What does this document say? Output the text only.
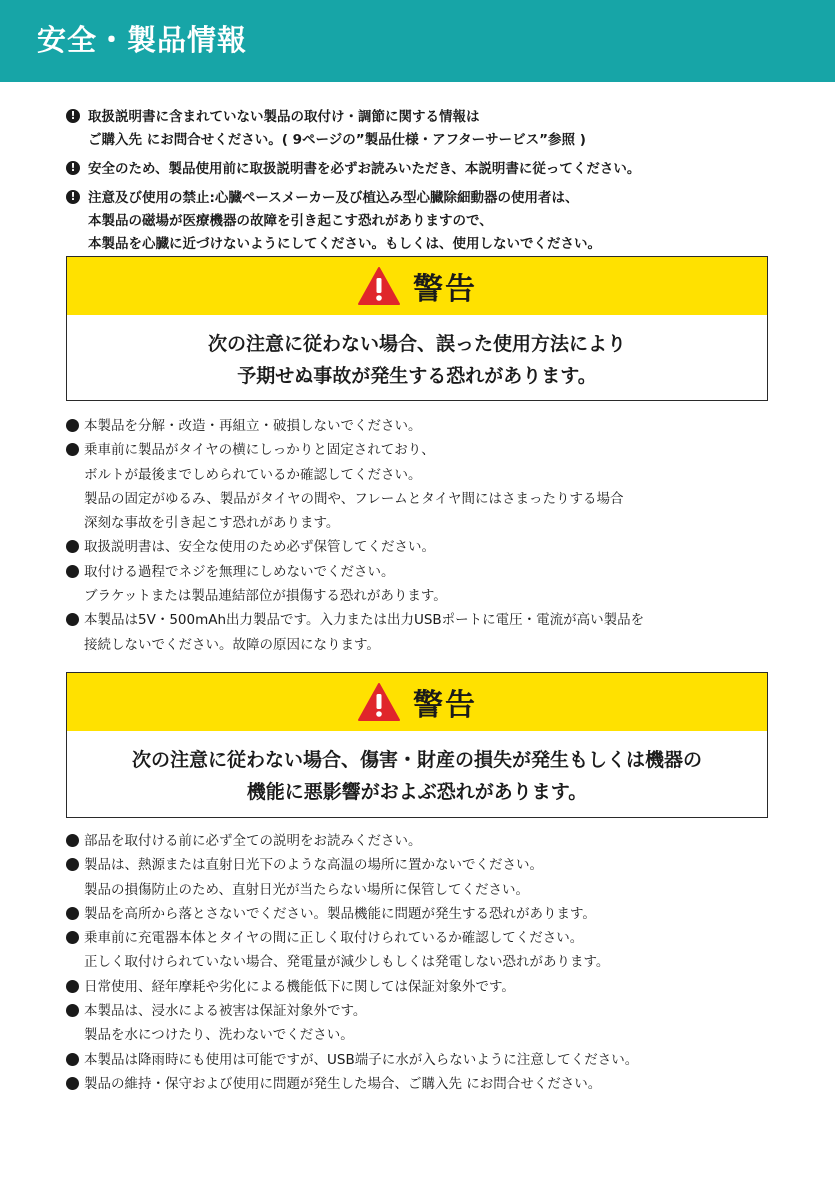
安全・製品情報
! 取扱説明書に含まれていない製品の取付け・調節に関する情報は
ご購入先 にお問合せください。( 9ページの”製品仕様・アフターサービス”参照 )
! 安全のため、製品使用前に取扱説明書を必ずお読みいただき、本説明書に従ってください。
! 注意及び使用の禁止:心臓ペースメーカー及び植込み型心臓除細動器の使用者は、
本製品の磁場が医療機器の故障を引き起こす恐れがありますので、
本製品を心臓に近づけないようにしてください。もしくは、使用しないでください。
警告
次の注意に従わない場合、誤った使用方法により
予期せぬ事故が発生する恐れがあります。
本製品を分解・改造・再組立・破損しないでください。
乗車前に製品がタイヤの横にしっかりと固定されており、
ボルトが最後までしめられているか確認してください。
製品の固定がゆるみ、製品がタイヤの間や、フレームとタイヤ間にはさまったりする場合
深刻な事故を引き起こす恐れがあります。
取扱説明書は、安全な使用のため必ず保管してください。
取付ける過程でネジを無理にしめないでください。
ブラケットまたは製品連結部位が損傷する恐れがあります。
本製品は5V・500mAh出力製品です。入力または出力USBポートに電圧・電流が高い製品を
接続しないでください。故障の原因になります。
警告
次の注意に従わない場合、傷害・財産の損失が発生もしくは機器の
機能に悪影響がおよぶ恐れがあります。
部品を取付ける前に必ず全ての説明をお読みください。
製品は、熱源または直射日光下のような高温の場所に置かないでください。
製品の損傷防止のため、直射日光が当たらない場所に保管してください。
製品を高所から落とさないでください。製品機能に問題が発生する恐れがあります。
乗車前に充電器本体とタイヤの間に正しく取付けられているか確認してください。
正しく取付けられていない場合、発電量が減少しもしくは発電しない恐れがあります。
日常使用、経年摩耗や劣化による機能低下に関しては保証対象外です。
本製品は、浸水による被害は保証対象外です。
製品を水につけたり、洗わないでください。
本製品は降雨時にも使用は可能ですが、USB端子に水が入らないように注意してください。
製品の維持・保守および使用に問題が発生した場合、ご購入先 にお問合せください。
